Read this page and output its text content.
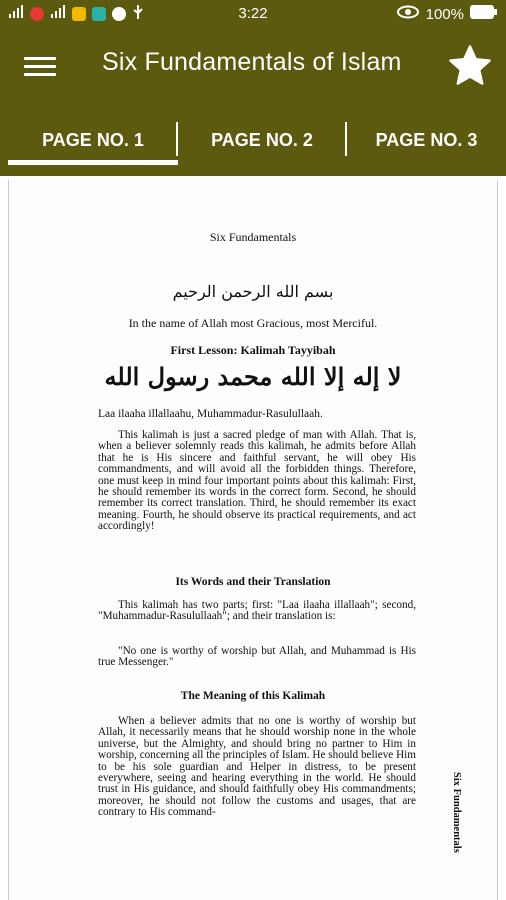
3:22	100%
Six Fundamentals of Islam
PAGE NO. 1	PAGE NO. 2	PAGE NO. 3
Six Fundamentals
بسم الله الرحمن الرحيم
In the name of Allah most Gracious, most Merciful.
First Lesson: Kalimah Tayyibah
لا إله إلا الله محمد رسول الله
Laa ilaaha illallaahu, Muhammadur-Rasulullaah.
This kalimah is just a sacred pledge of man with Allah. That is, when a believer solemnly reads this kalimah, he admits before Allah that he is His sincere and faithful servant, he will obey His commandments, and will avoid all the forbidden things. Therefore, one must keep in mind four important points about this kalimah: First, he should remember its words in the correct form. Second, he should remember its correct translation. Third, he should remember its exact meaning. Fourth, he should observe its practical requirements, and act accordingly!
Its Words and their Translation
This kalimah has two parts; first: "Laa ilaaha illallaah"; second, "Muhammadur-Rasulullaah"; and their translation is:
"No one is worthy of worship but Allah, and Muhammad is His true Messenger."
The Meaning of this Kalimah
When a believer admits that no one is worthy of worship but Allah, it necessarily means that he should worship none in the whole universe, but the Almighty, and should bring no partner to Him in worship, concerning all the principles of Islam. He should believe Him to be his sole guardian and Helper in distress, to be present everywhere, seeing and hearing everything in the world. He should trust in His guidance, and should faithfully obey His commandments; moreover, he should not follow the customs and usages, that are contrary to His command-	Six Fundamentals
